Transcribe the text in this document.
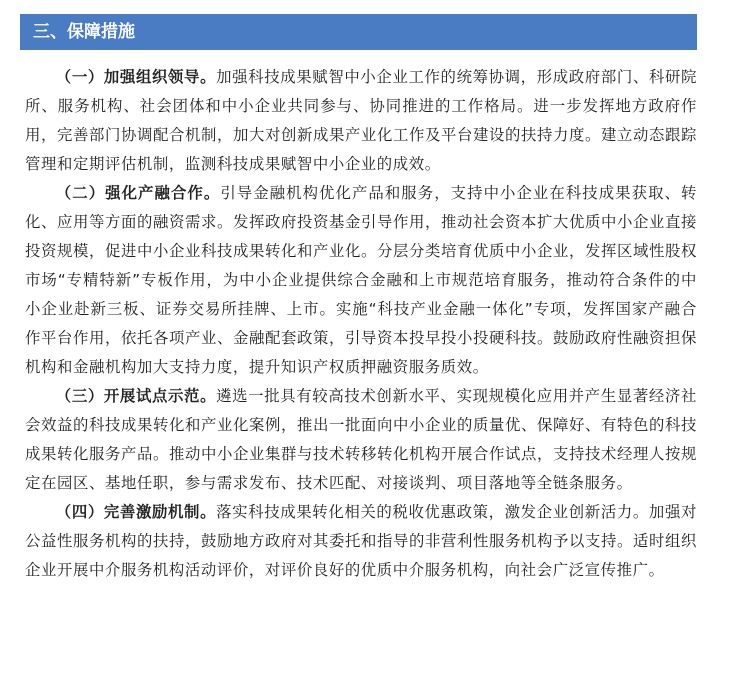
三、保障措施

（一）加强组织领导。加强科技成果赋智中小企业工作的统筹协调，形成政府部门、科研院所、服务机构、社会团体和中小企业共同参与、协同推进的工作格局。进一步发挥地方政府作用，完善部门协调配合机制，加大对创新成果产业化工作及平台建设的扶持力度。建立动态跟踪管理和定期评估机制，监测科技成果赋智中小企业的成效。

（二）强化产融合作。引导金融机构优化产品和服务，支持中小企业在科技成果获取、转化、应用等方面的融资需求。发挥政府投资基金引导作用，推动社会资本扩大优质中小企业直接投资规模，促进中小企业科技成果转化和产业化。分层分类培育优质中小企业，发挥区域性股权市场“专精特新”专板作用，为中小企业提供综合金融和上市规范培育服务，推动符合条件的中小企业赴新三板、证券交易所挂牌、上市。实施“科技产业金融一体化”专项，发挥国家产融合作平台作用，依托各项产业、金融配套政策，引导资本投早投小投硬科技。鼓励政府性融资担保机构和金融机构加大支持力度，提升知识产权质押融资服务质效。

（三）开展试点示范。遴选一批具有较高技术创新水平、实现规模化应用并产生显著经济社会效益的科技成果转化和产业化案例，推出一批面向中小企业的质量优、保障好、有特色的科技成果转化服务产品。推动中小企业集群与技术转移转化机构开展合作试点，支持技术经理人按规定在园区、基地任职，参与需求发布、技术匹配、对接谈判、项目落地等全链条服务。

（四）完善激励机制。落实科技成果转化相关的税收优惠政策，激发企业创新活力。加强对公益性服务机构的扶持，鼓励地方政府对其委托和指导的非营利性服务机构予以支持。适时组织企业开展中介服务机构活动评价，对评价良好的优质中介服务机构，向社会广泛宣传推广。
